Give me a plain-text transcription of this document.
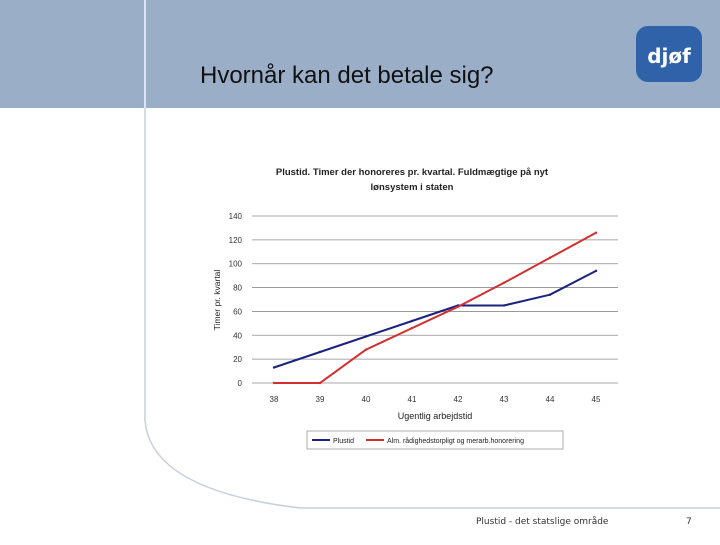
Hvornår kan det betale sig?
djøf
Plustid. Timer der honoreres pr. kvartal. Fuldmægtige på nyt
lønsystem i staten
Timer pr. kvartal
Ugentlig arbejdstid
0
20
40
60
80
100
120
140
38	39	40	41	42	43	44	45
Plustid	Alm. rådighedstorpligt og merarb.honorering
Plustid - det statslige område	7
